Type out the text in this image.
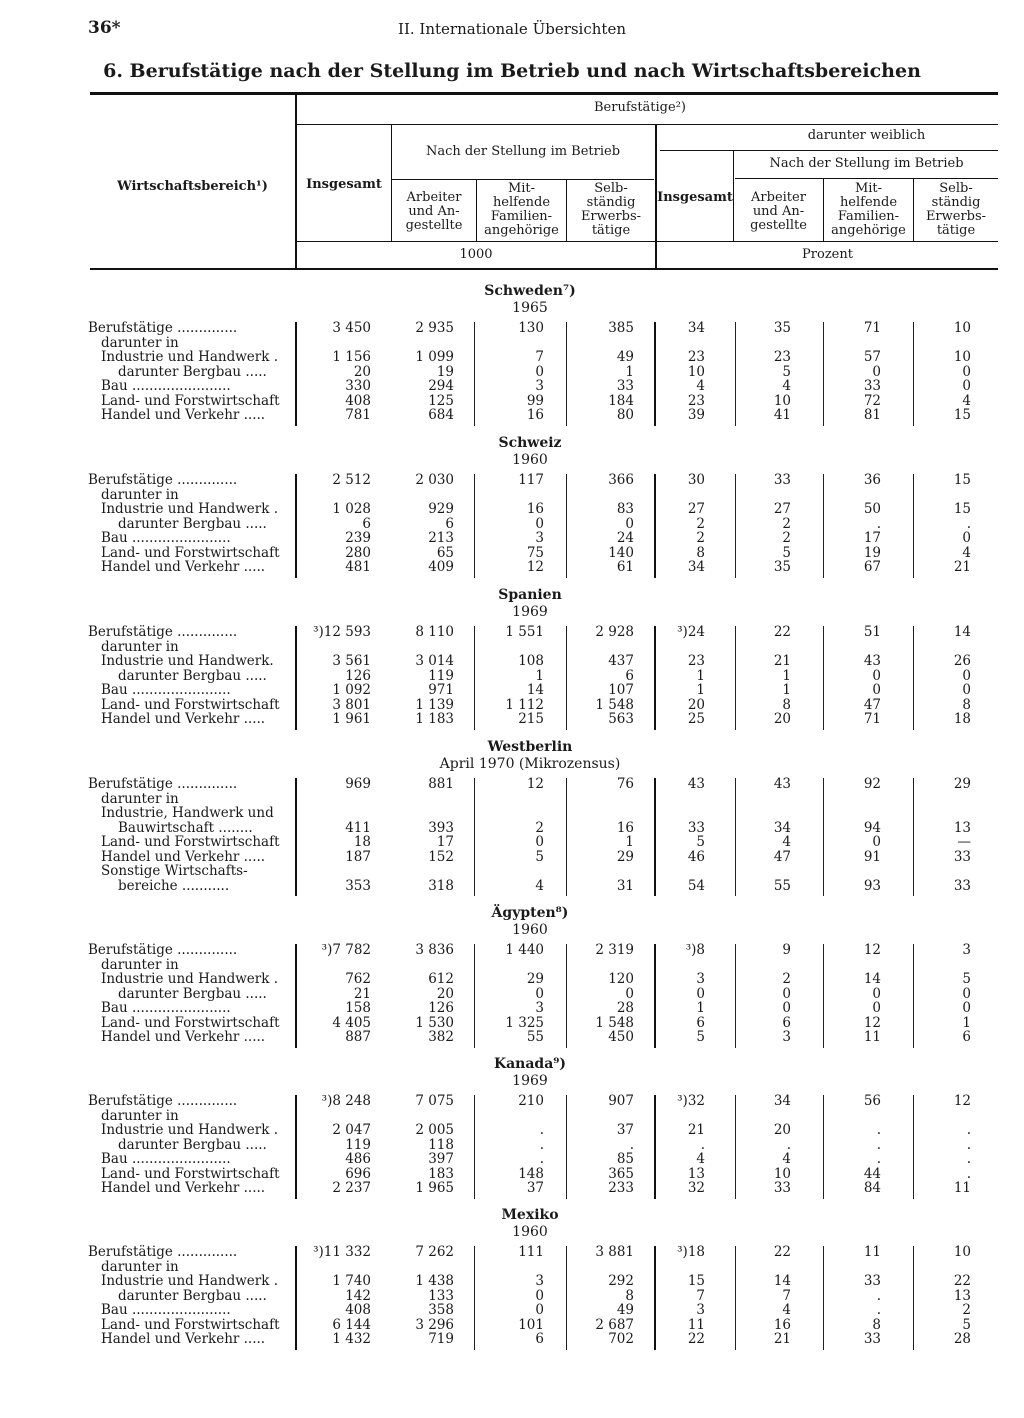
36*	II. Internationale Übersichten
6. Berufstätige nach der Stellung im Betrieb und nach Wirtschaftsbereichen
Wirtschaftsbereich¹)
Berufstätige²)
Insgesamt
Nach der Stellung im Betrieb
darunter weiblich
Nach der Stellung im Betrieb
Insgesamt
Arbeiter
und An-
gestellte
Mit-
helfende
Familien-
angehörige
Selb-
ständig
Erwerbs-
tätige
Arbeiter
und An-
gestellte
Mit-
helfende
Familien-
angehörige
Selb-
ständig
Erwerbs-
tätige
1000	Prozent
Schweden⁷)
1965
Berufstätige ..............	3 450	2 935	130	385	34	35	71	10
darunter in
Industrie und Handwerk .	1 156	1 099	7	49	23	23	57	10
darunter Bergbau .....	20	19	0	1	10	5	0	0
Bau .......................	330	294	3	33	4	4	33	0
Land- und Forstwirtschaft	408	125	99	184	23	10	72	4
Handel und Verkehr .....	781	684	16	80	39	41	81	15
Schweiz
1960
Berufstätige ..............	2 512	2 030	117	366	30	33	36	15
darunter in
Industrie und Handwerk .	1 028	929	16	83	27	27	50	15
darunter Bergbau .....	6	6	0	0	2	2	.	.
Bau .......................	239	213	3	24	2	2	17	0
Land- und Forstwirtschaft	280	65	75	140	8	5	19	4
Handel und Verkehr .....	481	409	12	61	34	35	67	21
Spanien
1969
Berufstätige ..............	³)12 593	8 110	1 551	2 928	³)24	22	51	14
darunter in
Industrie und Handwerk.	3 561	3 014	108	437	23	21	43	26
darunter Bergbau .....	126	119	1	6	1	1	0	0
Bau .......................	1 092	971	14	107	1	1	0	0
Land- und Forstwirtschaft	3 801	1 139	1 112	1 548	20	8	47	8
Handel und Verkehr .....	1 961	1 183	215	563	25	20	71	18
Westberlin
April 1970 (Mikrozensus)
Berufstätige ..............	969	881	12	76	43	43	92	29
darunter in
Industrie, Handwerk und
Bauwirtschaft ........	411	393	2	16	33	34	94	13
Land- und Forstwirtschaft	18	17	0	1	5	4	0	—
Handel und Verkehr .....	187	152	5	29	46	47	91	33
Sonstige Wirtschafts-
bereiche ...........	353	318	4	31	54	55	93	33
Ägypten⁸)
1960
Berufstätige ..............	³)7 782	3 836	1 440	2 319	³)8	9	12	3
darunter in
Industrie und Handwerk .	762	612	29	120	3	2	14	5
darunter Bergbau .....	21	20	0	0	0	0	0	0
Bau .......................	158	126	3	28	1	0	0	0
Land- und Forstwirtschaft	4 405	1 530	1 325	1 548	6	6	12	1
Handel und Verkehr .....	887	382	55	450	5	3	11	6
Kanada⁹)
1969
Berufstätige ..............	³)8 248	7 075	210	907	³)32	34	56	12
darunter in
Industrie und Handwerk .	2 047	2 005	.	37	21	20	.	.
darunter Bergbau .....	119	118	.	.	.	.	.	.
Bau .......................	486	397	.	85	4	4	.	.
Land- und Forstwirtschaft	696	183	148	365	13	10	44	.
Handel und Verkehr .....	2 237	1 965	37	233	32	33	84	11
Mexiko
1960
Berufstätige ..............	³)11 332	7 262	111	3 881	³)18	22	11	10
darunter in
Industrie und Handwerk .	1 740	1 438	3	292	15	14	33	22
darunter Bergbau .....	142	133	0	8	7	7	.	13
Bau .......................	408	358	0	49	3	4	.	2
Land- und Forstwirtschaft	6 144	3 296	101	2 687	11	16	8	5
Handel und Verkehr .....	1 432	719	6	702	22	21	33	28
